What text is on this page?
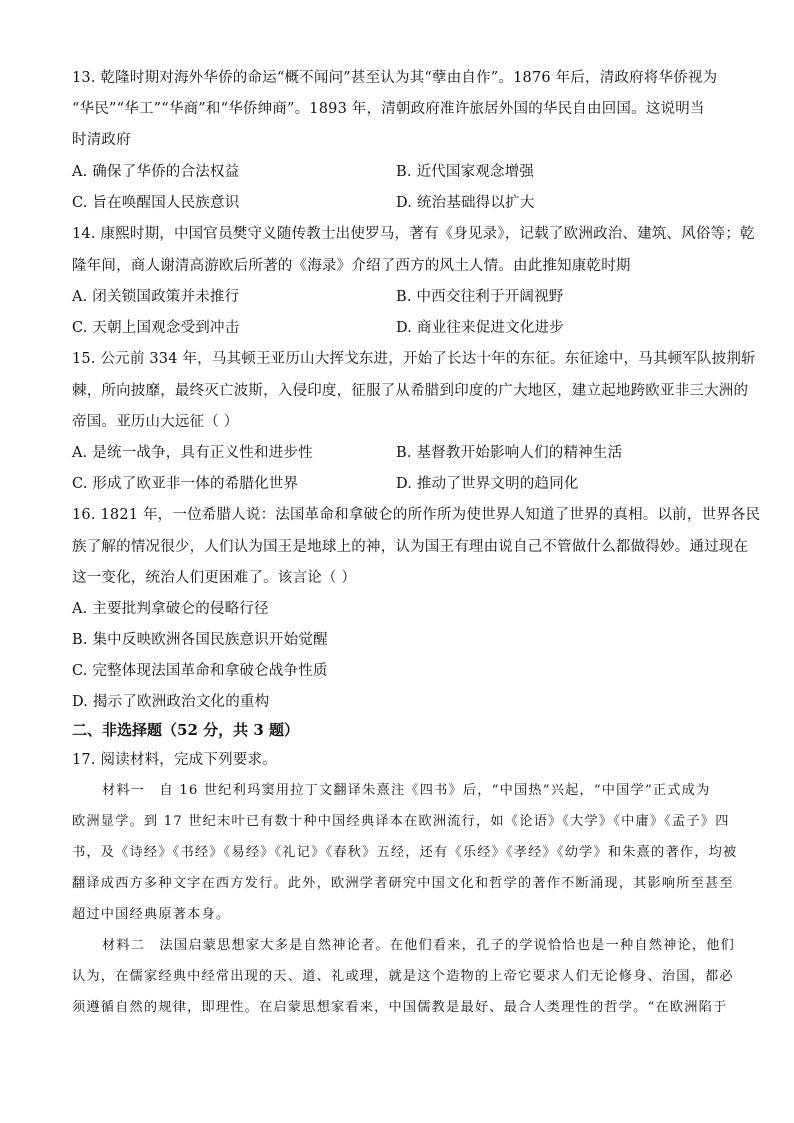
13. 乾隆时期对海外华侨的命运“概不闻问”甚至认为其“孽由自作”。1876 年后，清政府将华侨视为
“华民”“华工”“华商”和“华侨绅商”。1893 年，清朝政府准许旅居外国的华民自由回国。这说明当
时清政府
A. 确保了华侨的合法权益	B. 近代国家观念增强
C. 旨在唤醒国人民族意识	D. 统治基础得以扩大
14. 康熙时期，中国官员樊守义随传教士出使罗马，著有《身见录》，记载了欧洲政治、建筑、风俗等；乾
隆年间，商人谢清高游欧后所著的《海录》介绍了西方的风土人情。由此推知康乾时期
A. 闭关锁国政策并未推行	B. 中西交往利于开阔视野
C. 天朝上国观念受到冲击	D. 商业往来促进文化进步
15. 公元前 334 年，马其顿王亚历山大挥戈东进，开始了长达十年的东征。东征途中，马其顿军队披荆斩
棘，所向披靡，最终灭亡波斯，入侵印度，征服了从希腊到印度的广大地区，建立起地跨欧亚非三大洲的
帝国。亚历山大远征（ ）
A. 是统一战争，具有正义性和进步性	B. 基督教开始影响人们的精神生活
C. 形成了欧亚非一体的希腊化世界	D. 推动了世界文明的趋同化
16. 1821 年，一位希腊人说：法国革命和拿破仑的所作所为使世界人知道了世界的真相。以前，世界各民
族了解的情况很少，人们认为国王是地球上的神，认为国王有理由说自己不管做什么都做得妙。通过现在
这一变化，统治人们更困难了。该言论（ ）
A. 主要批判拿破仑的侵略行径
B. 集中反映欧洲各国民族意识开始觉醒
C. 完整体现法国革命和拿破仑战争性质
D. 揭示了欧洲政治文化的重构
二、非选择题（52 分，共 3 题）
17. 阅读材料，完成下列要求。
材料一　自 16 世纪利玛窦用拉丁文翻译朱熹注《四书》后，“中国热”兴起，“中国学”正式成为
欧洲显学。到 17 世纪末叶已有数十种中国经典译本在欧洲流行，如《论语》《大学》《中庸》《孟子》四
书，及《诗经》《书经》《易经》《礼记》《春秋》五经，还有《乐经》《孝经》《幼学》和朱熹的著作，均被
翻译成西方多种文字在西方发行。此外，欧洲学者研究中国文化和哲学的著作不断涌现，其影响所至甚至
超过中国经典原著本身。
材料二　法国启蒙思想家大多是自然神论者。在他们看来，孔子的学说恰恰也是一种自然神论，他们
认为，在儒家经典中经常出现的天、道、礼或理，就是这个造物的上帝它要求人们无论修身、治国，都必
须遵循自然的规律，即理性。在启蒙思想家看来，中国儒教是最好、最合人类理性的哲学。“在欧洲陷于
